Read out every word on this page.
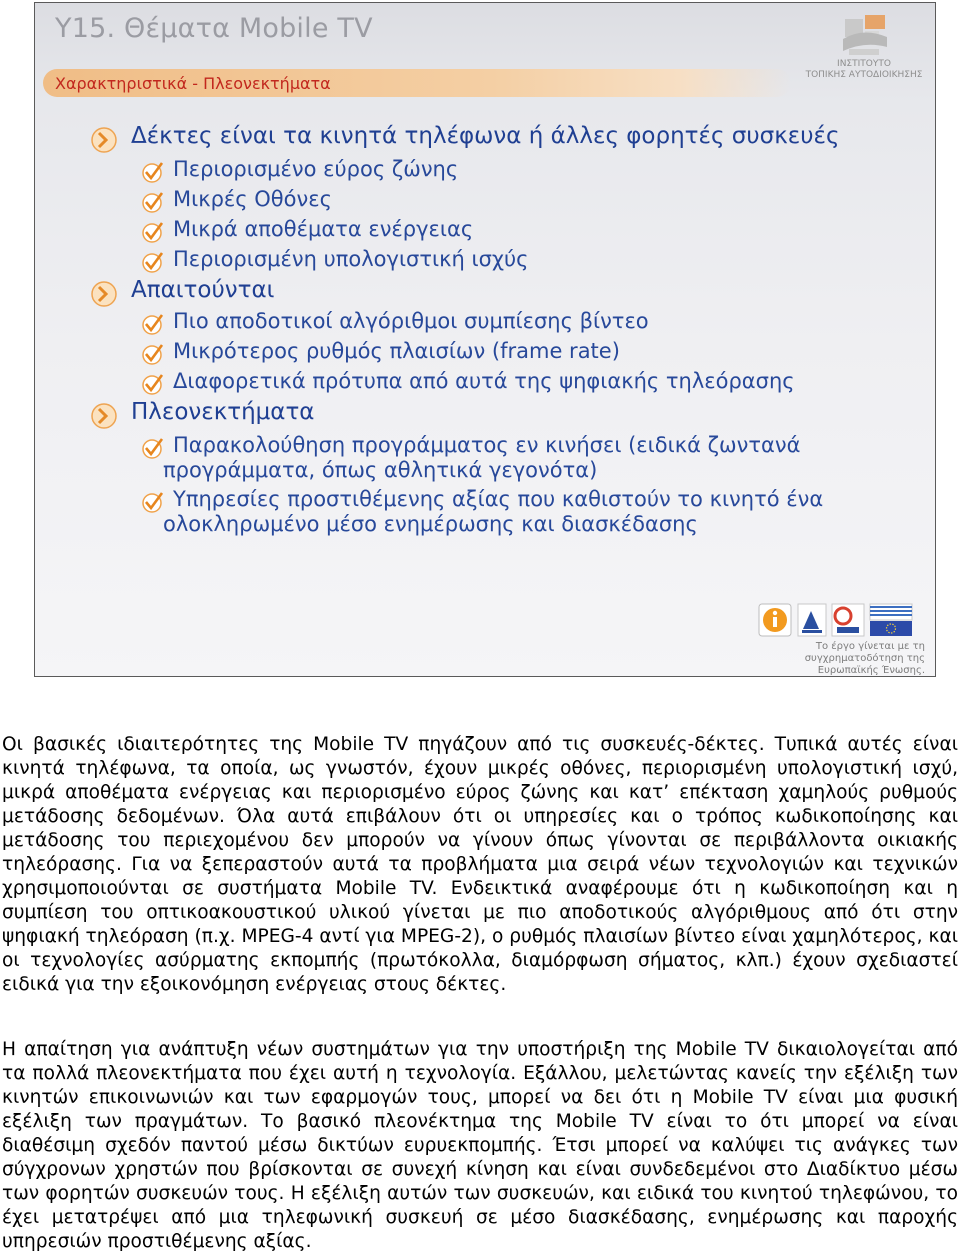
Υ15. Θέματα Mobile TV
Χαρακτηριστικά - Πλεονεκτήματα
ΙΝΣΤΙΤΟΥΤΟ
ΤΟΠΙΚΗΣ ΑΥΤΟΔΙΟΙΚΗΣΗΣ
Δέκτες είναι τα κινητά τηλέφωνα ή άλλες φορητές συσκευές
Περιορισμένο εύρος ζώνης
Μικρές Οθόνες
Μικρά αποθέματα ενέργειας
Περιορισμένη υπολογιστική ισχύς
Απαιτούνται
Πιο αποδοτικοί αλγόριθμοι συμπίεσης βίντεο
Μικρότερος ρυθμός πλαισίων (frame rate)
Διαφορετικά πρότυπα από αυτά της ψηφιακής τηλεόρασης
Πλεονεκτήματα
Παρακολούθηση προγράμματος εν κινήσει (ειδικά ζωντανά
προγράμματα, όπως αθλητικά γεγονότα)
Υπηρεσίες προστιθέμενης αξίας που καθιστούν το κινητό ένα
ολοκληρωμένο μέσο ενημέρωσης και διασκέδασης
Το έργο γίνεται με τη συγχρηματοδότηση της
Ευρωπαϊκής Ένωσης.
Οι βασικές ιδιαιτερότητες της Mobile TV πηγάζουν από τις συσκευές-δέκτες. Τυπικά αυτές είναι κινητά τηλέφωνα, τα οποία, ως γνωστόν, έχουν μικρές οθόνες, περιορισμένη υπολογιστική ισχύ, μικρά αποθέματα ενέργειας και περιορισμένο εύρος ζώνης και κατ’ επέκταση χαμηλούς ρυθμούς μετάδοσης δεδομένων. Όλα αυτά επιβάλουν ότι οι υπηρεσίες και ο τρόπος κωδικοποίησης και μετάδοσης του περιεχομένου δεν μπορούν να γίνουν όπως γίνονται σε περιβάλλοντα οικιακής τηλεόρασης. Για να ξεπεραστούν αυτά τα προβλήματα μια σειρά νέων τεχνολογιών και τεχνικών χρησιμοποιούνται σε συστήματα Mobile TV. Ενδεικτικά αναφέρουμε ότι η κωδικοποίηση και η συμπίεση του οπτικοακουστικού υλικού γίνεται με πιο αποδοτικούς αλγόριθμους από ότι στην ψηφιακή τηλεόραση (π.χ. MPEG-4 αντί για MPEG-2), ο ρυθμός πλαισίων βίντεο είναι χαμηλότερος, και οι τεχνολογίες ασύρματης εκπομπής (πρωτόκολλα, διαμόρφωση σήματος, κλπ.) έχουν σχεδιαστεί ειδικά για την εξοικονόμηση ενέργειας στους δέκτες.
Η απαίτηση για ανάπτυξη νέων συστημάτων για την υποστήριξη της Mobile TV δικαιολογείται από τα πολλά πλεονεκτήματα που έχει αυτή η τεχνολογία. Εξάλλου, μελετώντας κανείς την εξέλιξη των κινητών επικοινωνιών και των εφαρμογών τους, μπορεί να δει ότι η Mobile TV είναι μια φυσική εξέλιξη των πραγμάτων. Το βασικό πλεονέκτημα της Mobile TV είναι το ότι μπορεί να είναι διαθέσιμη σχεδόν παντού μέσω δικτύων ευρυεκπομπής. Έτσι μπορεί να καλύψει τις ανάγκες των σύγχρονων χρηστών που βρίσκονται σε συνεχή κίνηση και είναι συνδεδεμένοι στο Διαδίκτυο μέσω των φορητών συσκευών τους. Η εξέλιξη αυτών των συσκευών, και ειδικά του κινητού τηλεφώνου, το έχει μετατρέψει από μια τηλεφωνική συσκευή σε μέσο διασκέδασης, ενημέρωσης και παροχής υπηρεσιών προστιθέμενης αξίας.
